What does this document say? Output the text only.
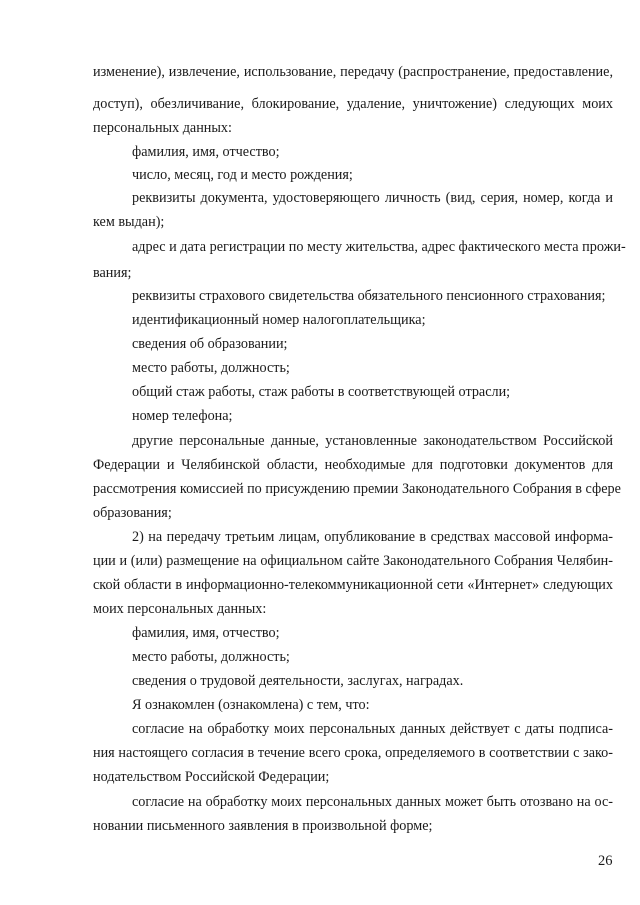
изменение), извлечение, использование, передачу (распространение, предоставление,
доступ), обезличивание, блокирование, удаление, уничтожение) следующих моих
персональных данных:
фамилия, имя, отчество;
число, месяц, год и место рождения;
реквизиты документа, удостоверяющего личность (вид, серия, номер, когда и
кем выдан);
адрес и дата регистрации по месту жительства, адрес фактического места прожи-
вания;
реквизиты страхового свидетельства обязательного пенсионного страхования;
идентификационный номер налогоплательщика;
сведения об образовании;
место работы, должность;
общий стаж работы, стаж работы в соответствующей отрасли;
номер телефона;
другие персональные данные, установленные законодательством Российской
Федерации и Челябинской области, необходимые для подготовки документов для
рассмотрения комиссией по присуждению премии Законодательного Собрания в сфере
образования;
2) на передачу третьим лицам, опубликование в средствах массовой информа-
ции и (или) размещение на официальном сайте Законодательного Собрания Челябин-
ской области в информационно-телекоммуникационной сети «Интернет» следующих
моих персональных данных:
фамилия, имя, отчество;
место работы, должность;
сведения о трудовой деятельности, заслугах, наградах.
Я ознакомлен (ознакомлена) с тем, что:
согласие на обработку моих персональных данных действует с даты подписа-
ния настоящего согласия в течение всего срока, определяемого в соответствии с зако-
нодательством Российской Федерации;
согласие на обработку моих персональных данных может быть отозвано на ос-
новании письменного заявления в произвольной форме;
26
